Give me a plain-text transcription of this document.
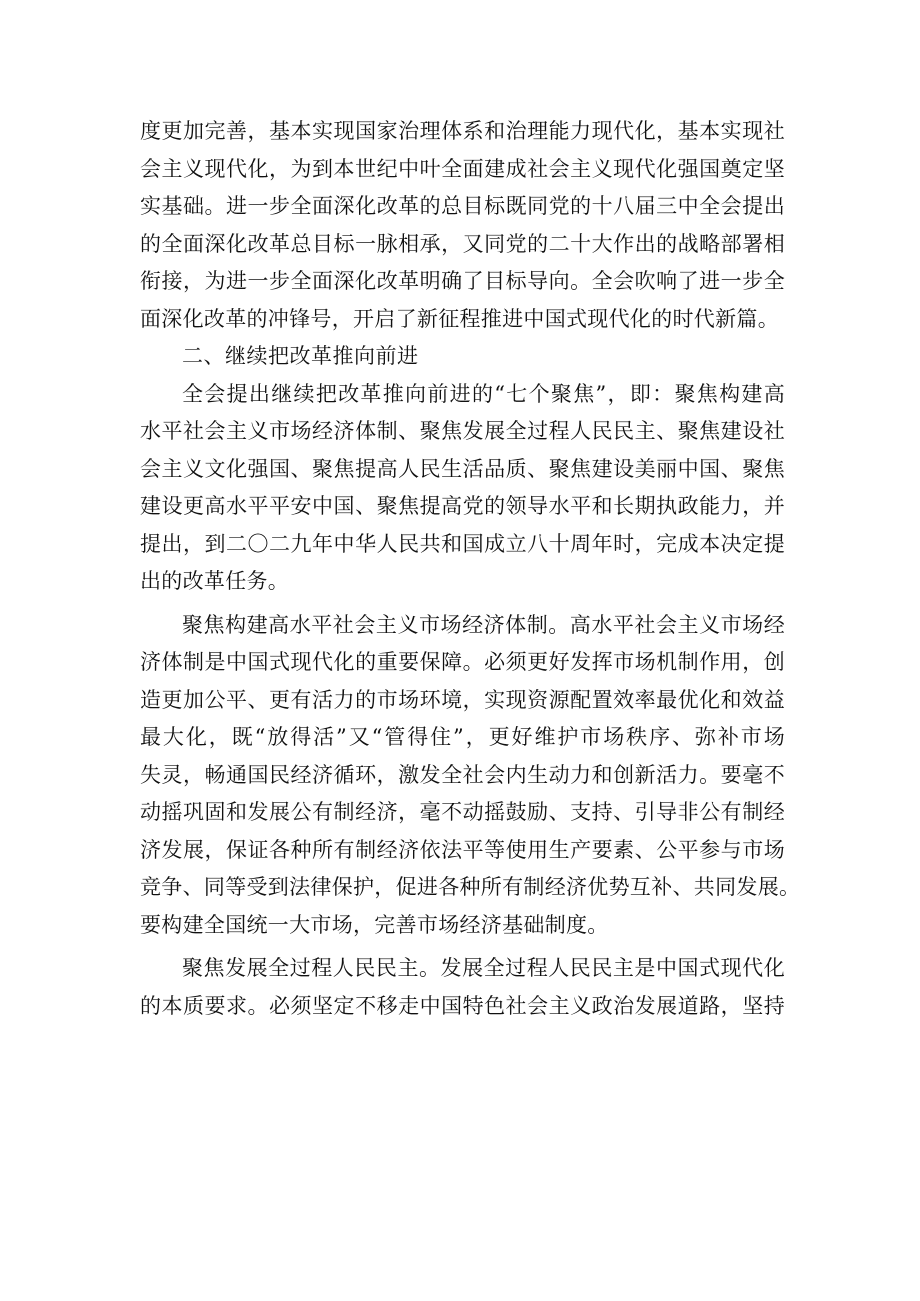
度更加完善，基本实现国家治理体系和治理能力现代化，基本实现社
会主义现代化，为到本世纪中叶全面建成社会主义现代化强国奠定坚
实基础。进一步全面深化改革的总目标既同党的十八届三中全会提出
的全面深化改革总目标一脉相承，又同党的二十大作出的战略部署相
衔接，为进一步全面深化改革明确了目标导向。全会吹响了进一步全
面深化改革的冲锋号，开启了新征程推进中国式现代化的时代新篇。
二、继续把改革推向前进
全会提出继续把改革推向前进的“七个聚焦”，即：聚焦构建高
水平社会主义市场经济体制、聚焦发展全过程人民民主、聚焦建设社
会主义文化强国、聚焦提高人民生活品质、聚焦建设美丽中国、聚焦
建设更高水平平安中国、聚焦提高党的领导水平和长期执政能力，并
提出，到二〇二九年中华人民共和国成立八十周年时，完成本决定提
出的改革任务。
聚焦构建高水平社会主义市场经济体制。高水平社会主义市场经
济体制是中国式现代化的重要保障。必须更好发挥市场机制作用，创
造更加公平、更有活力的市场环境，实现资源配置效率最优化和效益
最大化，既“放得活”又“管得住”，更好维护市场秩序、弥补市场
失灵，畅通国民经济循环，激发全社会内生动力和创新活力。要毫不
动摇巩固和发展公有制经济，毫不动摇鼓励、支持、引导非公有制经
济发展，保证各种所有制经济依法平等使用生产要素、公平参与市场
竞争、同等受到法律保护，促进各种所有制经济优势互补、共同发展。
要构建全国统一大市场，完善市场经济基础制度。
聚焦发展全过程人民民主。发展全过程人民民主是中国式现代化
的本质要求。必须坚定不移走中国特色社会主义政治发展道路，坚持
